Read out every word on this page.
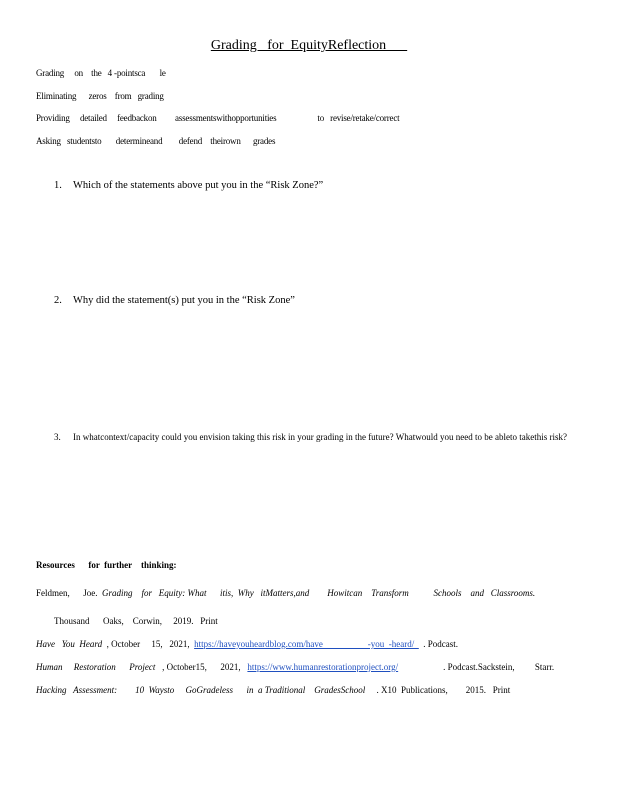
Grading   for  EquityReflection
Grading     on    the   4 -pointsca       le
Eliminating      zeros    from   grading
Providing     detailed     feedbackon         assessmentswithopportunities                    to   revise/retake/correct
Asking   studentsto       determineand        defend    theirown      grades
1. Which of the statements above put you in the “Risk Zone?”
2. Why did the statement(s) put you in the “Risk Zone”
3. In whatcontext/capacity could you envision taking this risk in your grading in the future? Whatwould you need to be ableto takethis risk?
Resources      for  further    thinking:
Feldmen,      Joe.  Grading    for   Equity: What      itis,  Why   itMatters,and        Howitcan    Transform           Schools    and   Classrooms.
Thousand      Oaks,    Corwin,     2019.   Print
Have   You  Heard  , October     15,   2021,  https://haveyouheardblog.com/have                    -you  -heard/    . Podcast.
Human     Restoration      Project   , October15,      2021,   https://www.humanrestorationproject.org/                    . Podcast.Sackstein,         Starr.
Hacking   Assessment:        10  Waysto     GoGradeless      in  a Traditional    GradesSchool     . X10  Publications,        2015.   Print
